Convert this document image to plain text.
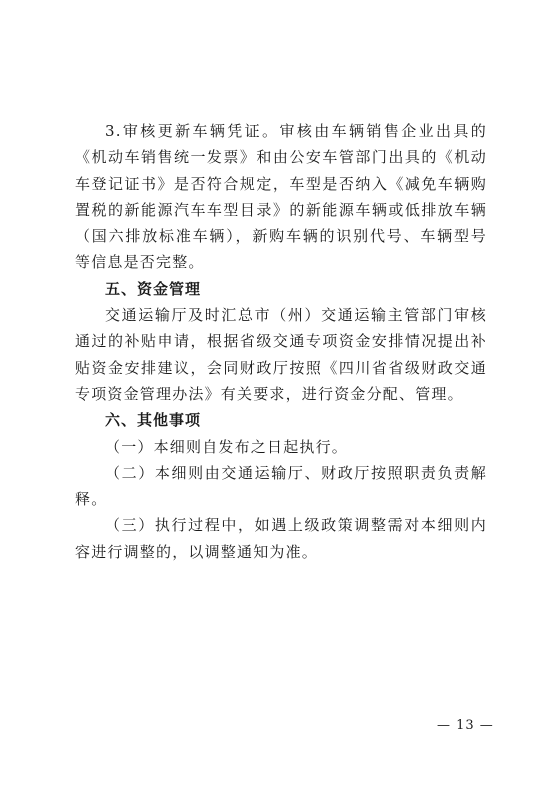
3.审核更新车辆凭证。审核由车辆销售企业出具的《机动车销售统一发票》和由公安车管部门出具的《机动车登记证书》是否符合规定，车型是否纳入《减免车辆购置税的新能源汽车车型目录》的新能源车辆或低排放车辆（国六排放标准车辆），新购车辆的识别代号、车辆型号等信息是否完整。

五、资金管理

交通运输厅及时汇总市（州）交通运输主管部门审核通过的补贴申请，根据省级交通专项资金安排情况提出补贴资金安排建议，会同财政厅按照《四川省省级财政交通专项资金管理办法》有关要求，进行资金分配、管理。

六、其他事项

（一）本细则自发布之日起执行。

（二）本细则由交通运输厅、财政厅按照职责负责解释。

（三）执行过程中，如遇上级政策调整需对本细则内容进行调整的，以调整通知为准。

— 13 —
